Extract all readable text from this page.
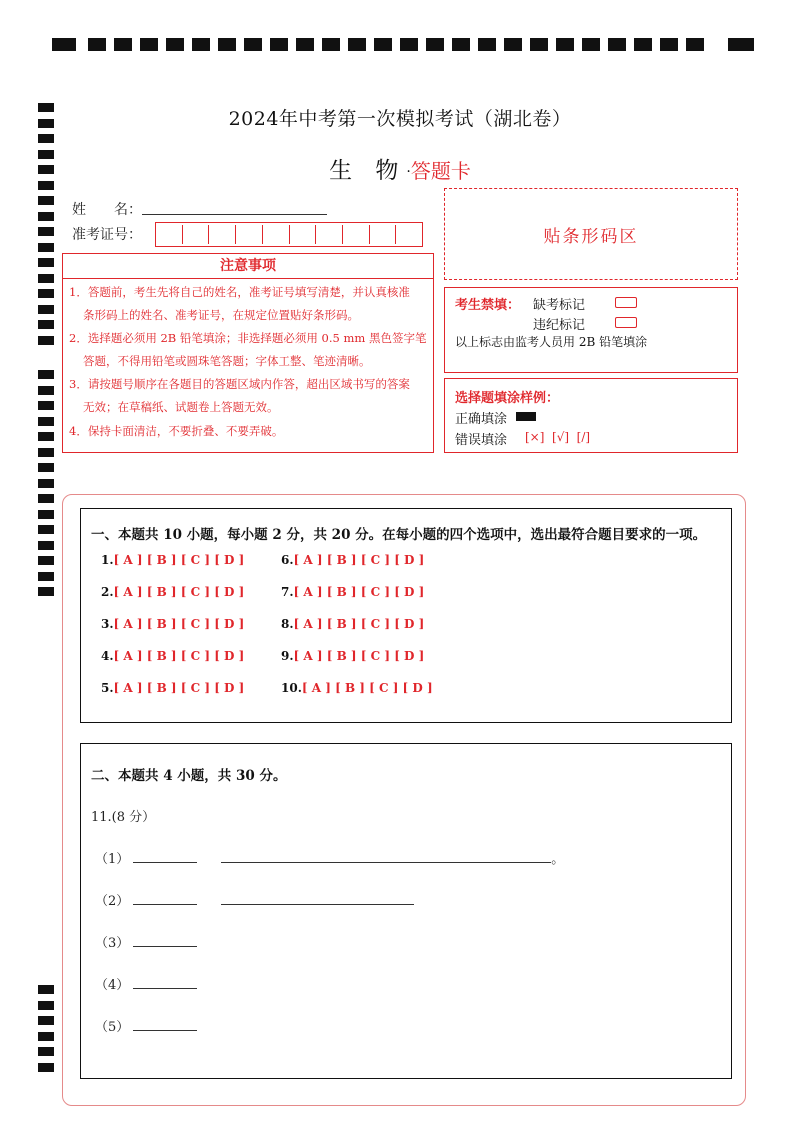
2024年中考第一次模拟考试（湖北卷）
生 物·答题卡
姓　　名：
准考证号：
注意事项
1．答题前，考生先将自己的姓名，准考证号填写清楚，并认真核准
条形码上的姓名、准考证号，在规定位置贴好条形码。
2．选择题必须用 2B 铅笔填涂；非选择题必须用 0.5 mm 黑色签字笔
答题，不得用铅笔或圆珠笔答题；字体工整、笔迹清晰。
3．请按题号顺序在各题目的答题区域内作答，超出区域书写的答案
无效；在草稿纸、试题卷上答题无效。
4．保持卡面清洁，不要折叠、不要弄破。
贴条形码区
考生禁填： 缺考标记
违纪标记
以上标志由监考人员用 2B 铅笔填涂
选择题填涂样例：
正确填涂
错误填涂 [×]  [√]  [/]
一、本题共 10 小题，每小题 2 分，共 20 分。在每小题的四个选项中，选出最符合题目要求的一项。
1.[ A ] [ B ] [ C ] [ D ]
2.[ A ] [ B ] [ C ] [ D ]
3.[ A ] [ B ] [ C ] [ D ]
4.[ A ] [ B ] [ C ] [ D ]
5.[ A ] [ B ] [ C ] [ D ]
6.[ A ] [ B ] [ C ] [ D ]
7.[ A ] [ B ] [ C ] [ D ]
8.[ A ] [ B ] [ C ] [ D ]
9.[ A ] [ B ] [ C ] [ D ]
10.[ A ] [ B ] [ C ] [ D ]
二、本题共 4 小题，共 30 分。
11.(8 分）
（1）	。
（2）
（3）
（4）
（5）
